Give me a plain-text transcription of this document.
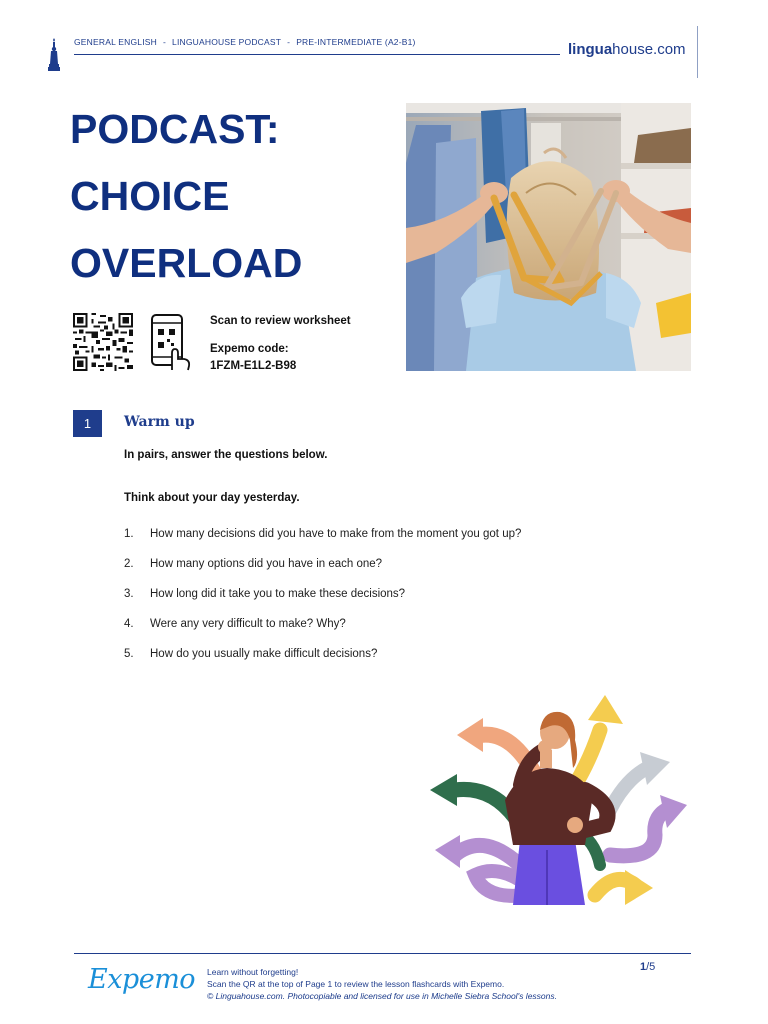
GENERAL ENGLISH - LINGUAHOUSE PODCAST - PRE-INTERMEDIATE (A2-B1)	linguahouse.com
PODCAST:
CHOICE
OVERLOAD
Scan to review worksheet
Expemo code:
1FZM-E1L2-B98
1	Warm up
In pairs, answer the questions below.
Think about your day yesterday.
1.	How many decisions did you have to make from the moment you got up?
2.	How many options did you have in each one?
3.	How long did it take you to make these decisions?
4.	Were any very difficult to make? Why?
5.	How do you usually make difficult decisions?
Expemo Learn without forgetting!
Scan the QR at the top of Page 1 to review the lesson flashcards with Expemo.
© Linguahouse.com. Photocopiable and licensed for use in Michelle Siebra School's lessons.
1/5
